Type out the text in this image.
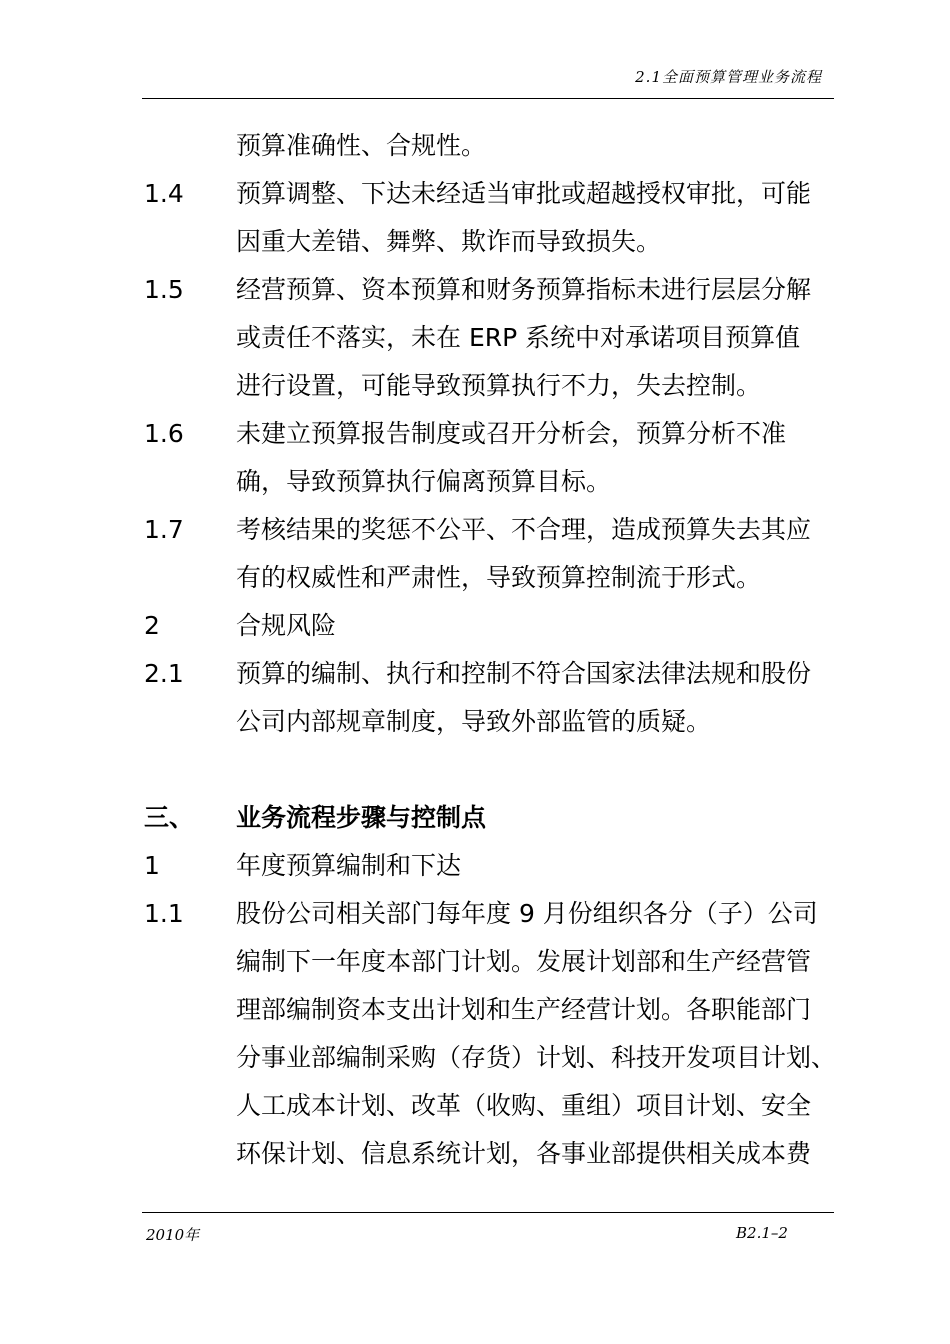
2.1全面预算管理业务流程
预算准确性、合规性。
1.4 预算调整、下达未经适当审批或超越授权审批，可能
因重大差错、舞弊、欺诈而导致损失。
1.5 经营预算、资本预算和财务预算指标未进行层层分解
或责任不落实，未在 ERP 系统中对承诺项目预算值
进行设置，可能导致预算执行不力，失去控制。
1.6 未建立预算报告制度或召开分析会，预算分析不准
确，导致预算执行偏离预算目标。
1.7 考核结果的奖惩不公平、不合理，造成预算失去其应
有的权威性和严肃性，导致预算控制流于形式。
2	合规风险
2.1 预算的编制、执行和控制不符合国家法律法规和股份
公司内部规章制度，导致外部监管的质疑。
三、 业务流程步骤与控制点
1	年度预算编制和下达
1.1 股份公司相关部门每年度 9 月份组织各分（子）公司
编制下一年度本部门计划。发展计划部和生产经营管
理部编制资本支出计划和生产经营计划。各职能部门
分事业部编制采购（存货）计划、科技开发项目计划、
人工成本计划、改革（收购、重组）项目计划、安全
环保计划、信息系统计划，各事业部提供相关成本费
2010年	B2.1–2
